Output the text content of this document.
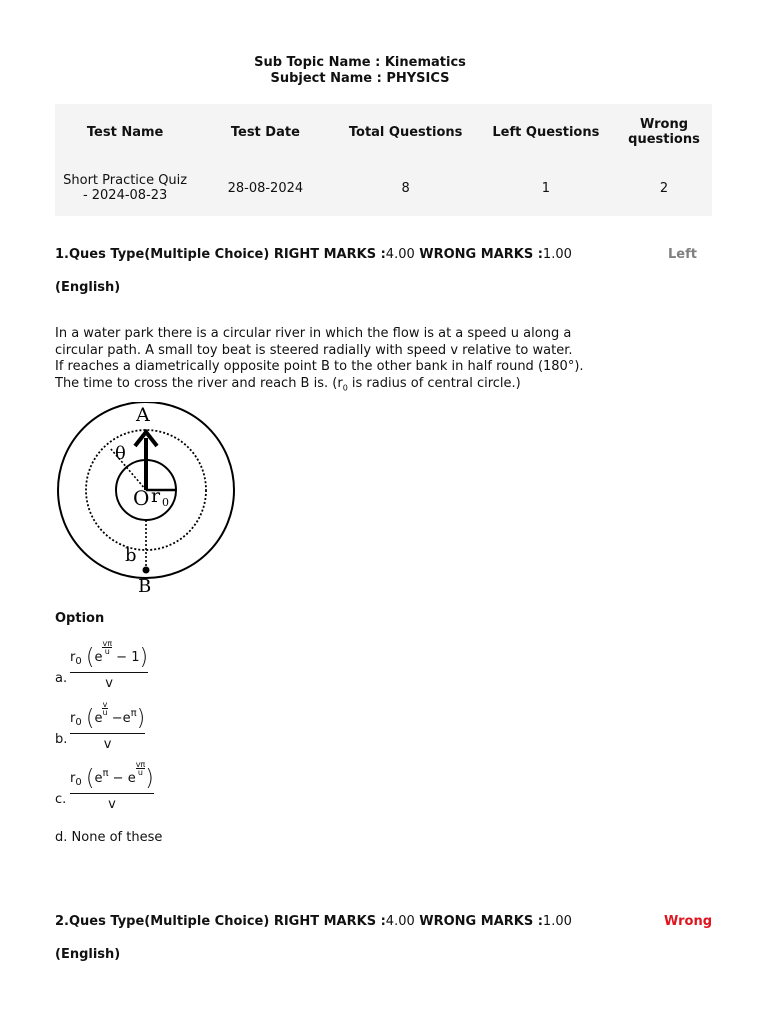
Sub Topic Name : Kinematics
Subject Name : PHYSICS
Test Name	Test Date	Total Questions	Left Questions	Wrong questions
Short Practice Quiz - 2024-08-23	28-08-2024	8	1	2
1.Ques Type(Multiple Choice) RIGHT MARKS :4.00 WRONG MARKS :1.00	Left
(English)
In a water park there is a circular river in which the flow is at a speed u along a circular path. A small toy beat is steered radially with speed v relative to water. If reaches a diametrically opposite point B to the other bank in half round (180°). The time to cross the river and reach B is. ($r_0$ is radius of central circle.)
A
B
θ
O r 0
b
Option
a.
$r_0$ (e
$\frac{v\pi}{u} - 1$)
v
b.
$r_0$ (e
$\frac{v}{u} -e^\pi$)
v
c.
$r_0$ ($e^\pi - e$
$\frac{v\pi}{u}$)
v
d. None of these
2.Ques Type(Multiple Choice) RIGHT MARKS :4.00 WRONG MARKS :1.00	Wrong
(English)
